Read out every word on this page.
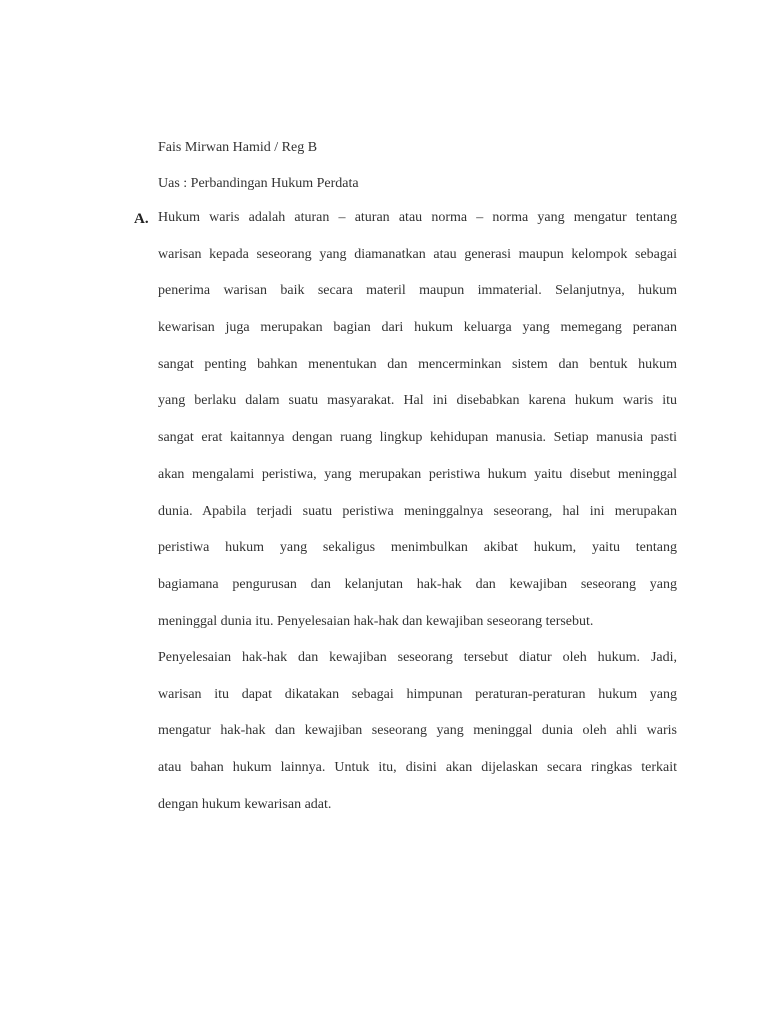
Fais Mirwan Hamid / Reg B
Uas : Perbandingan Hukum Perdata
A. Hukum waris adalah aturan – aturan atau norma – norma yang mengatur tentang
warisan kepada seseorang yang diamanatkan atau generasi maupun kelompok sebagai
penerima warisan baik secara materil maupun immaterial. Selanjutnya, hukum
kewarisan juga merupakan bagian dari hukum keluarga yang memegang peranan
sangat penting bahkan menentukan dan mencerminkan sistem dan bentuk hukum
yang berlaku dalam suatu masyarakat. Hal ini disebabkan karena hukum waris itu
sangat erat kaitannya dengan ruang lingkup kehidupan manusia. Setiap manusia pasti
akan mengalami peristiwa, yang merupakan peristiwa hukum yaitu disebut meninggal
dunia. Apabila terjadi suatu peristiwa meninggalnya seseorang, hal ini merupakan
peristiwa hukum yang sekaligus menimbulkan akibat hukum, yaitu tentang
bagiamana pengurusan dan kelanjutan hak-hak dan kewajiban seseorang yang
meninggal dunia itu. Penyelesaian hak-hak dan kewajiban seseorang tersebut.
Penyelesaian hak-hak dan kewajiban seseorang tersebut diatur oleh hukum. Jadi,
warisan itu dapat dikatakan sebagai himpunan peraturan-peraturan hukum yang
mengatur hak-hak dan kewajiban seseorang yang meninggal dunia oleh ahli waris
atau bahan hukum lainnya. Untuk itu, disini akan dijelaskan secara ringkas terkait
dengan hukum kewarisan adat.
